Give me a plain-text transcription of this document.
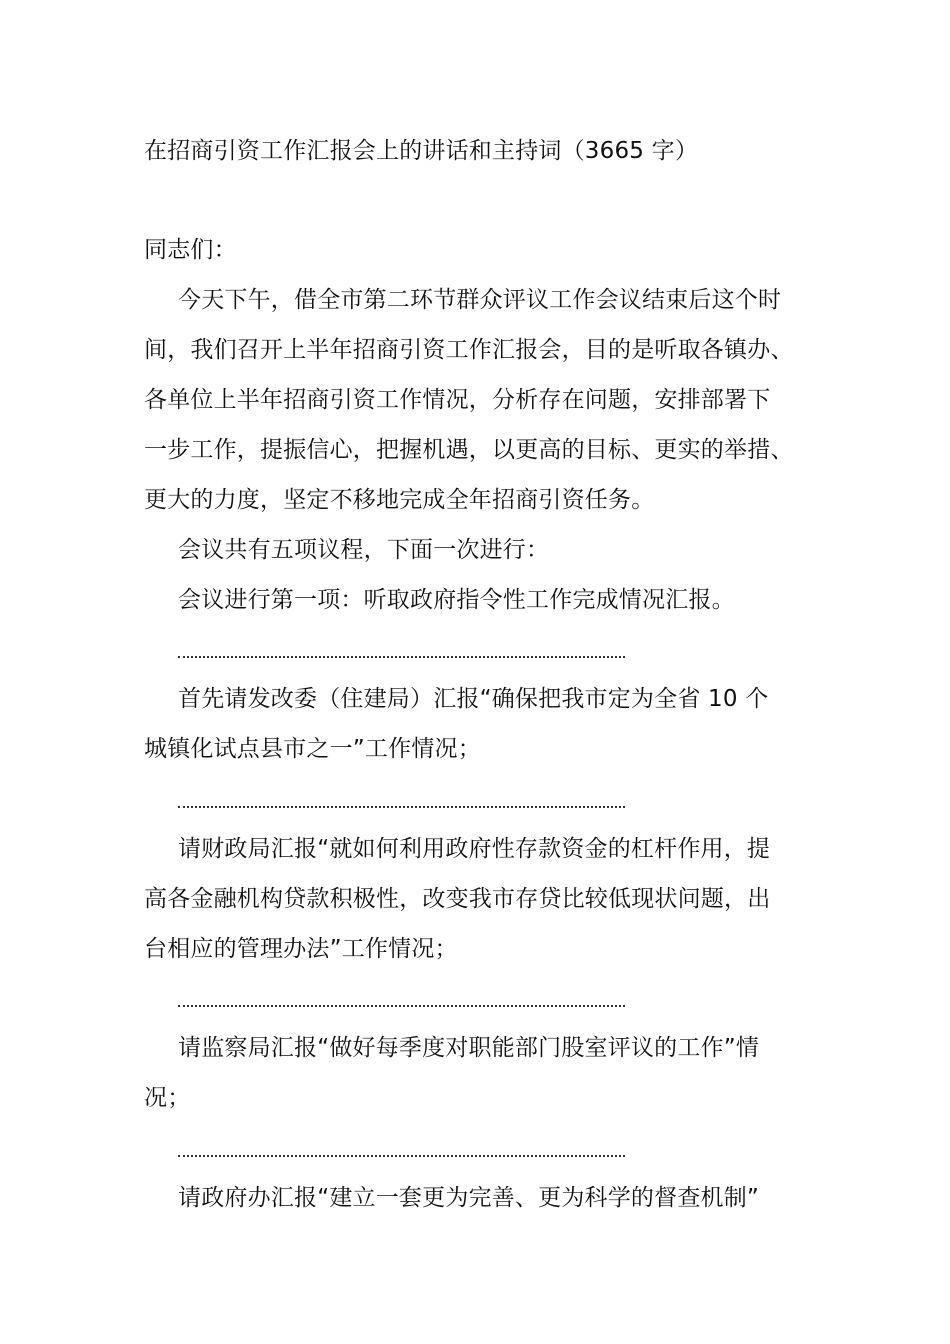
在招商引资工作汇报会上的讲话和主持词（3665 字）
同志们：
今天下午，借全市第二环节群众评议工作会议结束后这个时
间，我们召开上半年招商引资工作汇报会，目的是听取各镇办、
各单位上半年招商引资工作情况，分析存在问题，安排部署下
一步工作，提振信心，把握机遇，以更高的目标、更实的举措、
更大的力度，坚定不移地完成全年招商引资任务。
会议共有五项议程，下面一次进行：
会议进行第一项：听取政府指令性工作完成情况汇报。
首先请发改委（住建局）汇报“确保把我市定为全省 10 个
城镇化试点县市之一”工作情况；
请财政局汇报“就如何利用政府性存款资金的杠杆作用，提
高各金融机构贷款积极性，改变我市存贷比较低现状问题，出
台相应的管理办法”工作情况；
请监察局汇报“做好每季度对职能部门股室评议的工作”情
况；
请政府办汇报“建立一套更为完善、更为科学的督查机制”
